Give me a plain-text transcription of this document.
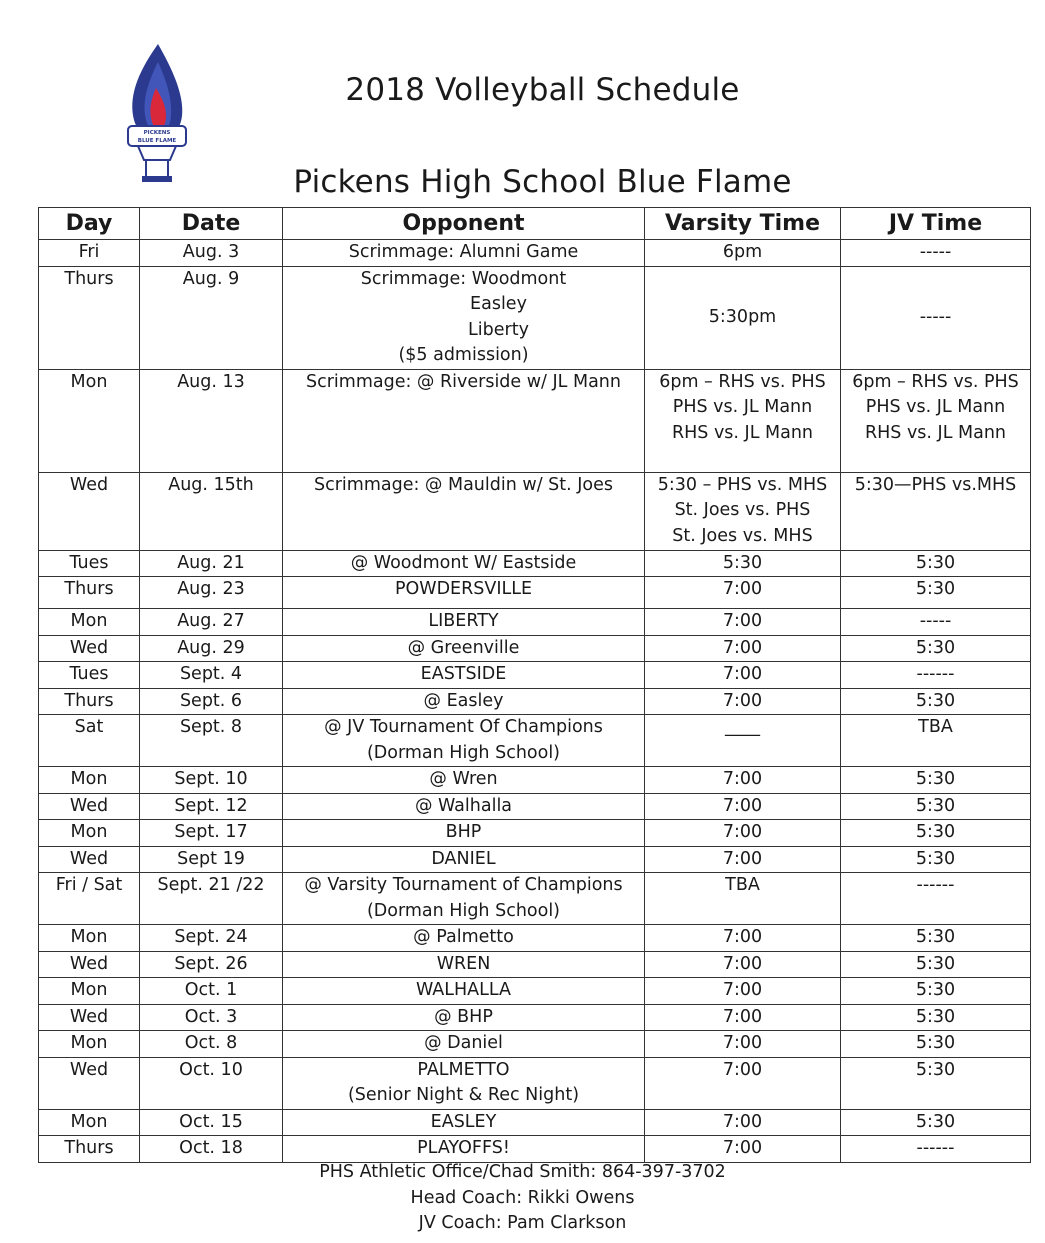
PICKENS
BLUE FLAME
2018 Volleyball Schedule
Pickens High School Blue Flame
Day	Date	Opponent	Varsity Time	JV Time
Fri	Aug. 3	Scrimmage: Alumni Game	6pm	-----

Thurs	Aug. 9	Scrimmage: Woodmont
Easley
Liberty
($5 admission)	5:30pm	-----

Mon	Aug. 13	Scrimmage: @ Riverside w/ JL Mann	6pm – RHS vs. PHS
PHS vs. JL Mann
RHS vs. JL Mann	6pm – RHS vs. PHS
PHS vs. JL Mann
RHS vs. JL Mann

Wed	Aug. 15th	Scrimmage: @ Mauldin w/ St. Joes	5:30 – PHS vs. MHS
St. Joes vs. PHS
St. Joes vs. MHS	5:30—PHS vs.MHS

Tues	Aug. 21	@ Woodmont W/ Eastside	5:30	5:30

Thurs	Aug. 23	POWDERSVILLE	7:00	5:30

Mon	Aug. 27	LIBERTY	7:00	-----

Wed	Aug. 29	@ Greenville	7:00	5:30

Tues	Sept. 4	EASTSIDE	7:00	------

Thurs	Sept. 6	@ Easley	7:00	5:30

Sat	Sept. 8	@ JV Tournament Of Champions
(Dorman High School)	____	TBA

Mon	Sept. 10	@ Wren	7:00	5:30

Wed	Sept. 12	@ Walhalla	7:00	5:30

Mon	Sept. 17	BHP	7:00	5:30

Wed	Sept 19	DANIEL	7:00	5:30

Fri / Sat	Sept. 21 /22	@ Varsity Tournament of Champions
(Dorman High School)	TBA	------

Mon	Sept. 24	@ Palmetto	7:00	5:30

Wed	Sept. 26	WREN	7:00	5:30

Mon	Oct. 1	WALHALLA	7:00	5:30

Wed	Oct. 3	@ BHP	7:00	5:30

Mon	Oct. 8	@ Daniel	7:00	5:30

Wed	Oct. 10	PALMETTO
(Senior Night & Rec Night)	7:00	5:30

Mon	Oct. 15	EASLEY	7:00	5:30

Thurs	Oct. 18	PLAYOFFS!	7:00	------
PHS Athletic Office/Chad Smith: 864-397-3702
Head Coach: Rikki Owens
JV Coach: Pam Clarkson
